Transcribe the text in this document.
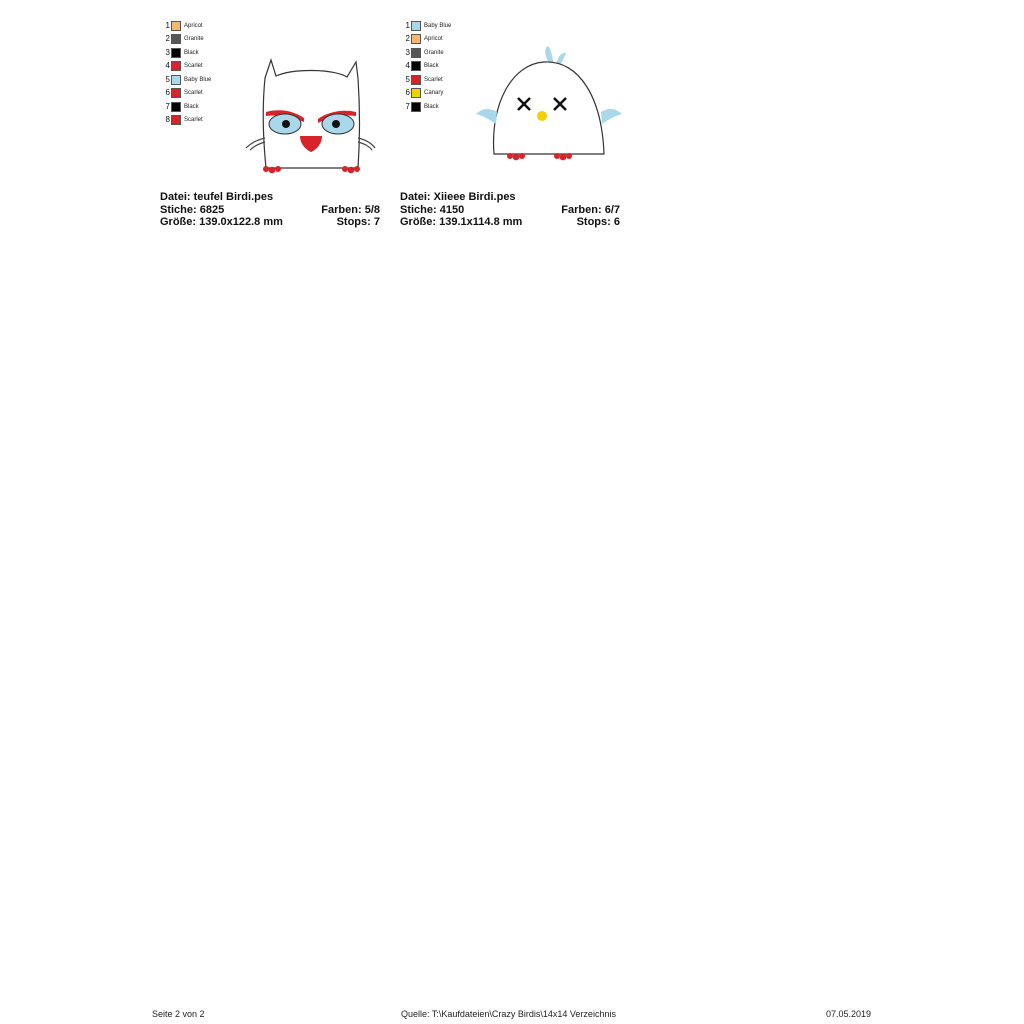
1 Apricot
2 Granite
3 Black
4 Scarlet
5 Baby Blue
6 Scarlet
7 Black
8 Scarlet
Datei: teufel Birdi.pes
Stiche: 6825	Farben: 5/8
Größe: 139.0x122.8 mm	Stops: 7
1 Baby Blue
2 Apricot
3 Granite
4 Black
5 Scarlet
6 Canary
7 Black
Datei: Xiieee Birdi.pes
Stiche: 4150	Farben: 6/7
Größe: 139.1x114.8 mm	Stops: 6
Seite 2 von 2	Quelle: T:\Kaufdateien\Crazy Birdis\14x14 Verzeichnis	07.05.2019
